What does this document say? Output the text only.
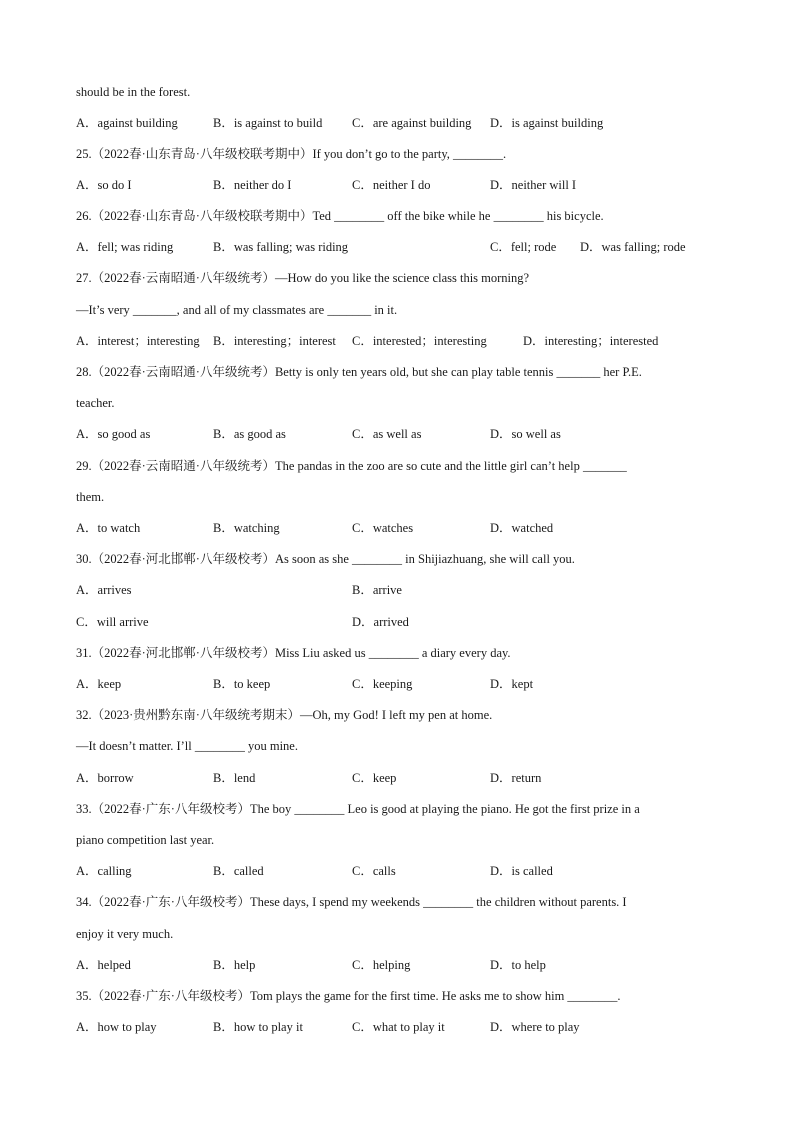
should be in the forest.
A．against building	B．is against to build C．are against building D．is against building
25.（2022春·山东青岛·八年级校联考期中）If you don’t go to the party, ________.
A．so do I	B．neither do I	C．neither I do	D．neither will I
26.（2022春·山东青岛·八年级校联考期中）Ted ________ off the bike while he ________ his bicycle.
A．fell; was riding	B．was falling; was riding	C．fell; rode D．was falling; rode
27.（2022春·云南昭通·八年级统考）—How do you like the science class this morning?
—It’s very _______, and all of my classmates are _______ in it.
A．interest；interesting B．interesting；interest C．interested；interesting	D．interesting；interested
28.（2022春·云南昭通·八年级统考）Betty is only ten years old, but she can play table tennis _______ her P.E.
teacher.
A．so good as	B．as good as	C．as well as	D．so well as
29.（2022春·云南昭通·八年级统考）The pandas in the zoo are so cute and the little girl can’t help _______
them.
A．to watch	B．watching	C．watches	D．watched
30.（2022春·河北邯郸·八年级校考）As soon as she ________ in Shijiazhuang, she will call you.
A．arrives	B．arrive
C．will arrive	D．arrived
31.（2022春·河北邯郸·八年级校考）Miss Liu asked us ________ a diary every day.
A．keep	B．to keep	C．keeping	D．kept
32.（2023·贵州黔东南·八年级统考期末）—Oh, my God! I left my pen at home.
—It doesn’t matter. I’ll ________ you mine.
A．borrow	B．lend	C．keep	D．return
33.（2022春·广东·八年级校考）The boy ________ Leo is good at playing the piano. He got the first prize in a
piano competition last year.
A．calling	B．called	C．calls	D．is called
34.（2022春·广东·八年级校考）These days, I spend my weekends ________ the children without parents. I
enjoy it very much.
A．helped	B．help	C．helping	D．to help
35.（2022春·广东·八年级校考）Tom plays the game for the first time. He asks me to show him ________.
A．how to play	B．how to play it	C．what to play it	D．where to play
